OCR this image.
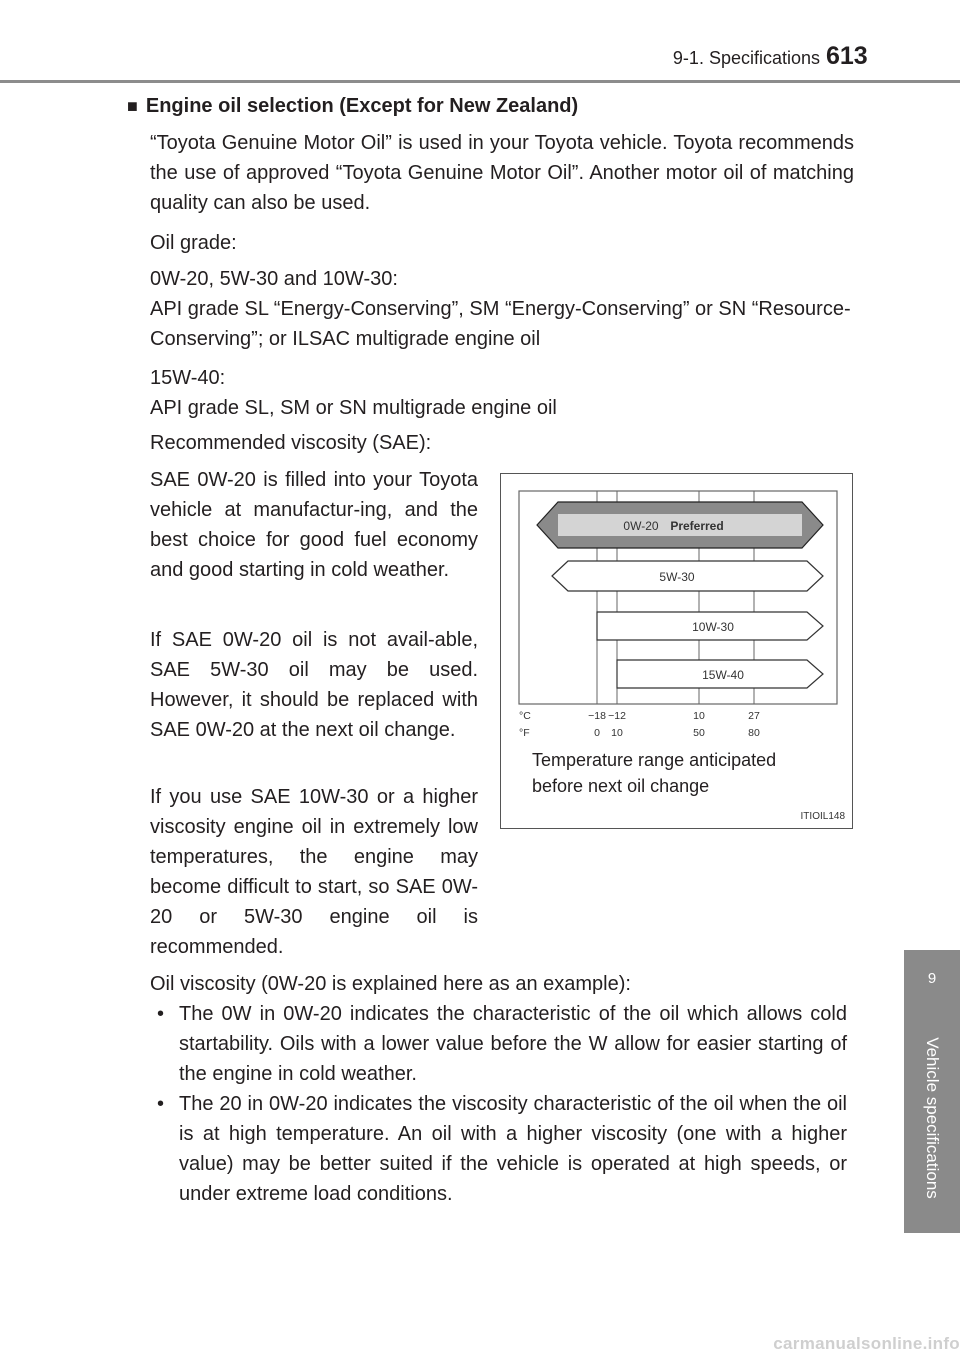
9-1. Specifications 613
9
Vehicle specifications
■ Engine oil selection (Except for New Zealand)
“Toyota Genuine Motor Oil” is used in your Toyota vehicle. Toyota recommends the use of approved “Toyota Genuine Motor Oil”. Another motor oil of matching quality can also be used.
Oil grade:
0W-20, 5W-30 and 10W-30:
API grade SL “Energy-Conserving”, SM “Energy-Conserving” or SN “Resource-Conserving”; or ILSAC multigrade engine oil
15W-40:
API grade SL, SM or SN multigrade engine oil
Recommended viscosity (SAE):
SAE 0W-20 is filled into your Toyota vehicle at manufactur-ing, and the best choice for good fuel economy and good starting in cold weather.
If SAE 0W-20 oil is not avail-able, SAE 5W-30 oil may be used. However, it should be replaced with SAE 0W-20 at the next oil change.
If you use SAE 10W-30 or a higher viscosity engine oil in extremely low temperatures, the engine may become difficult to start, so SAE 0W-20 or 5W-30 engine oil is recommended.
0W-20 Preferred
5W-30
10W-30
15W-40
°C
°F
−18 −12	10	27
0 10	50	80
Temperature range anticipated
before next oil change
ITIOIL148
Oil viscosity (0W-20 is explained here as an example):
• The 0W in 0W-20 indicates the characteristic of the oil which allows cold startability. Oils with a lower value before the W allow for easier starting of the engine in cold weather.
• The 20 in 0W-20 indicates the viscosity characteristic of the oil when the oil is at high temperature. An oil with a higher viscosity (one with a higher value) may be better suited if the vehicle is operated at high speeds, or under extreme load conditions.
carmanualsonline.info
